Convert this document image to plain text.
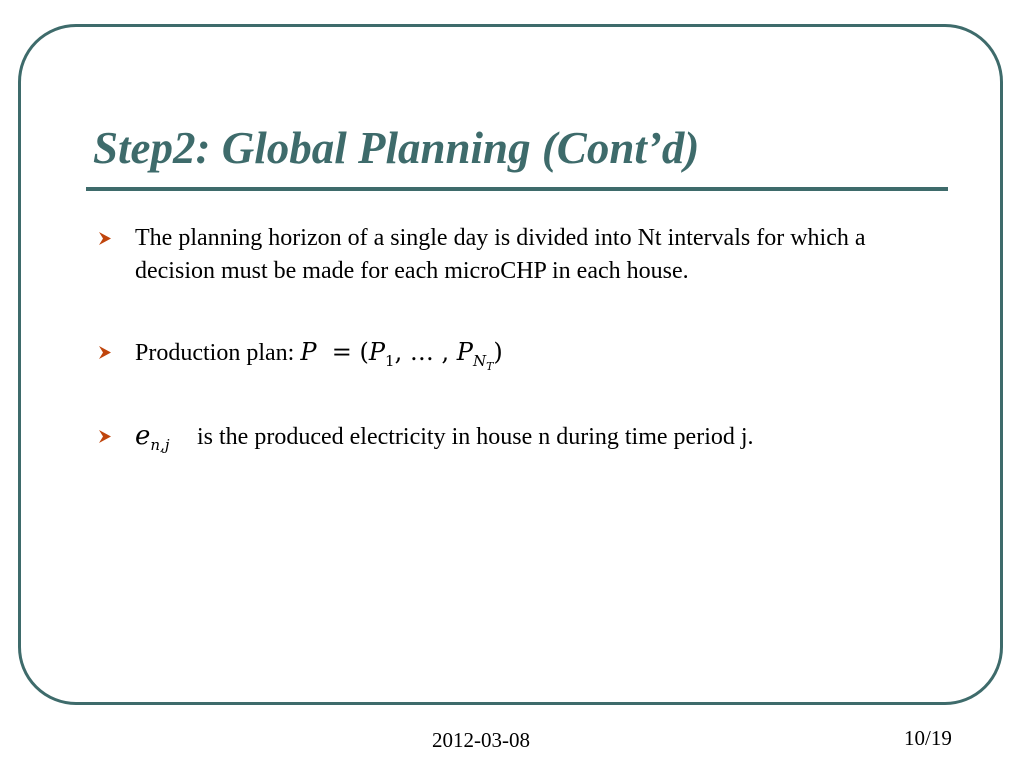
Step2: Global Planning (Cont’d)
The planning horizon of a single day is divided into Nt intervals for which a decision must be made for each microCHP in each house.
Production plan: $P = (P_1$, … , $P_{N_T}$)
$e_{n,j}$ is the produced electricity in house n during time period j.
2012-03-08	10/19
